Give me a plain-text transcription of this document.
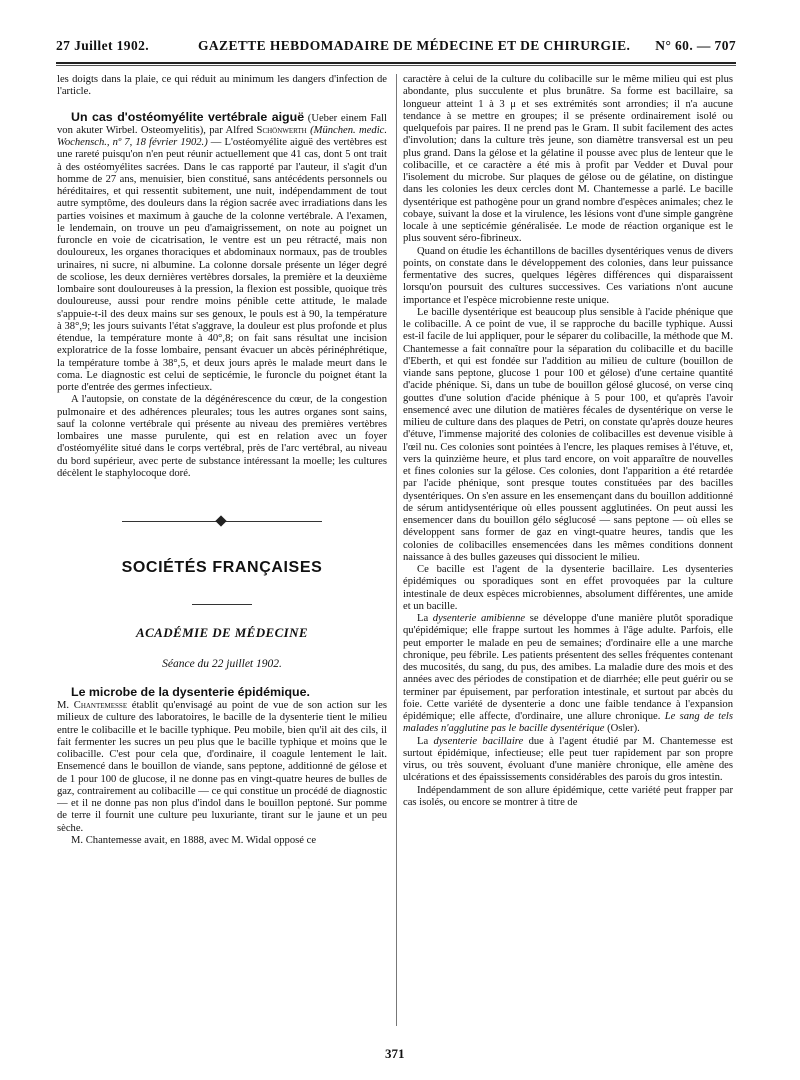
27 Juillet 1902.	GAZETTE HEBDOMADAIRE DE MÉDECINE ET DE CHIRURGIE. N° 60. — 707

les doigts dans la plaie, ce qui réduit au minimum les dangers d'infection de l'article.

Un cas d'ostéomyélite vertébrale aiguë (Ueber einem Fall von akuter Wirbel. Osteomyelitis), par Alfred Schönwerth (München. medic. Wochensch., nº 7, 18 février 1902.) — L'ostéomyélite aiguë des vertèbres est une rareté puisqu'on n'en peut réunir actuellement que 41 cas, dont 5 ont trait à des ostéomyélites sacrées. Dans le cas rapporté par l'auteur, il s'agit d'un homme de 27 ans, menuisier, bien constitué, sans antécédents personnels ou héréditaires, et qui ressentit subitement, une nuit, indépendamment de tout autre symptôme, des douleurs dans la région sacrée avec irradiations dans les parties voisines et maximum à gauche de la colonne vertébrale. A l'examen, le lendemain, on trouve un peu d'amaigrissement, on note au poignet un furoncle en voie de cicatrisation, le ventre est un peu rétracté, mais non douloureux, les organes thoraciques et abdominaux normaux, pas de troubles urinaires, ni sucre, ni albumine. La colonne dorsale présente un léger degré de scoliose, les deux dernières vertèbres dorsales, la première et la deuxième lombaire sont douloureuses à la pression, la flexion est possible, quoique très douloureuse, aussi pour rendre moins pénible cette attitude, le malade s'appuie-t-il des deux mains sur ses genoux, le pouls est à 90, la température à 38°,9; les jours suivants l'état s'aggrave, la douleur est plus profonde et plus étendue, la température monte à 40°,8; on fait sans résultat une incision exploratrice de la fosse lombaire, pensant évacuer un abcès périnéphrétique, la température tombe à 38°,5, et deux jours après le malade meurt dans le coma. Le diagnostic est celui de septicémie, le furoncle du poignet étant la porte d'entrée des germes infectieux.

A l'autopsie, on constate de la dégénérescence du cœur, de la congestion pulmonaire et des adhérences pleurales; tous les autres organes sont sains, sauf la colonne vertébrale qui présente au niveau des premières vertèbres lombaires une masse purulente, qui est en relation avec un foyer d'ostéomyélite situé dans le corps vertébral, près de l'arc vertébral, au niveau du bord supérieur, avec perte de substance intéressant la moelle; les cultures décèlent le staphylocoque doré.

SOCIÉTÉS FRANÇAISES
ACADÉMIE DE MÉDECINE
Séance du 22 juillet 1902.

Le microbe de la dysenterie épidémique.
M. Chantemesse établit qu'envisagé au point de vue de son action sur les milieux de culture des laboratoires, le bacille de la dysenterie tient le milieu entre le colibacille et le bacille typhique. Peu mobile, bien qu'il ait des cils, il fait fermenter les sucres un peu plus que le bacille typhique et moins que le colibacille. C'est pour cela que, d'ordinaire, il coagule lentement le lait. Ensemencé dans le bouillon de viande, sans peptone, additionné de gélose et de 1 pour 100 de glucose, il ne donne pas en vingt-quatre heures de bulles de gaz, contrairement au colibacille — ce qui constitue un procédé de diagnostic — et il ne donne pas non plus d'indol dans le bouillon peptoné. Sur pomme de terre il fournit une culture peu luxuriante, tirant sur le jaune et un peu sèche.

M. Chantemesse avait, en 1888, avec M. Widal opposé ce

caractère à celui de la culture du colibacille sur le même milieu qui est plus abondante, plus succulente et plus brunâtre. Sa forme est bacillaire, sa longueur atteint 1 à 3 μ et ses extrémités sont arrondies; il n'a aucune tendance à se mettre en groupes; il se présente ordinairement isolé ou quelquefois par paires. Il ne prend pas le Gram. Il subit facilement des actes d'involution; dans la culture très jeune, son diamètre transversal est un peu plus grand. Dans la gélose et la gélatine il pousse avec plus de lenteur que le colibacille, et ce caractère a été mis à profit par Vedder et Duval pour l'isolement du microbe. Sur plaques de gélose ou de gélatine, on distingue dans les colonies les deux cercles dont M. Chantemesse a parlé. Le bacille dysentérique est pathogène pour un grand nombre d'espèces animales; chez le cobaye, suivant la dose et la virulence, les lésions vont d'une simple gangrène locale à une septicémie généralisée. Le mode de réaction organique est le plus souvent séro-fibrineux.

Quand on étudie les échantillons de bacilles dysentériques venus de divers points, on constate dans le développement des colonies, dans leur puissance fermentative des sucres, quelques légères différences qui disparaissent lorsqu'on poursuit des cultures successives. Ces variations n'ont aucune importance et l'espèce microbienne reste unique.

Le bacille dysentérique est beaucoup plus sensible à l'acide phénique que le colibacille. A ce point de vue, il se rapproche du bacille typhique. Aussi est-il facile de lui appliquer, pour le séparer du colibacille, la méthode que M. Chantemesse a fait connaître pour la séparation du colibacille et du bacille d'Eberth, et qui est fondée sur l'addition au milieu de culture (bouillon de viande sans peptone, glucose 1 pour 100 et gélose) d'une certaine quantité d'acide phénique. Si, dans un tube de bouillon gélosé glucosé, on verse cinq gouttes d'une solution d'acide phénique à 5 pour 100, et qu'après l'avoir ensemencé avec une dilution de matières fécales de dysentérique on verse le milieu de culture dans des plaques de Petri, on constate qu'après douze heures d'étuve, l'immense majorité des colonies de colibacilles est devenue visible à l'œil nu. Ces colonies sont pointées à l'encre, les plaques remises à l'étuve, et, vers la quinzième heure, et plus tard encore, on voit apparaître de nouvelles et fines colonies sur la gélose. Ces colonies, dont l'apparition a été retardée par l'acide phénique, sont presque toutes constituées par des bacilles dysentériques. On s'en assure en les ensemençant dans du bouillon additionné de sérum antidysentérique où elles poussent agglutinées. On peut aussi les ensemencer dans du bouillon gélo séglucosé — sans peptone — où elles se développent sans former de gaz en vingt-quatre heures, tandis que les colonies de colibacilles ensemencées dans les mêmes conditions donnent naissance à des bulles gazeuses qui dissocient le milieu.

Ce bacille est l'agent de la dysenterie bacillaire. Les dysenteries épidémiques ou sporadiques sont en effet provoquées par la culture intestinale de deux espèces microbiennes, absolument différentes, une amide et un bacille.

La dysenterie amibienne se développe d'une manière plutôt sporadique qu'épidémique; elle frappe surtout les hommes à l'âge adulte. Parfois, elle peut emporter le malade en peu de semaines; d'ordinaire elle a une marche chronique, peu fébrile. Les patients présentent des selles fréquentes contenant des mucosités, du sang, du pus, des amibes. La maladie dure des mois et des années avec des périodes de constipation et de diarrhée; elle peut guérir ou se terminer par épuisement, par perforation intestinale, et surtout par abcès du foie. Cette variété de dysenterie a donc une faible tendance à l'expansion épidémique; elle affecte, d'ordinaire, une allure chronique. Le sang de tels malades n'agglutine pas le bacille dysentérique (Osler).

La dysenterie bacillaire due à l'agent étudié par M. Chantemesse est surtout épidémique, infectieuse; elle peut tuer rapidement par son propre virus, ou très souvent, évoluant d'une manière chronique, elle amène des ulcérations et des épaississements considérables des parois du gros intestin.

Indépendamment de son allure épidémique, cette variété peut frapper par cas isolés, ou encore se montrer à titre de

371
